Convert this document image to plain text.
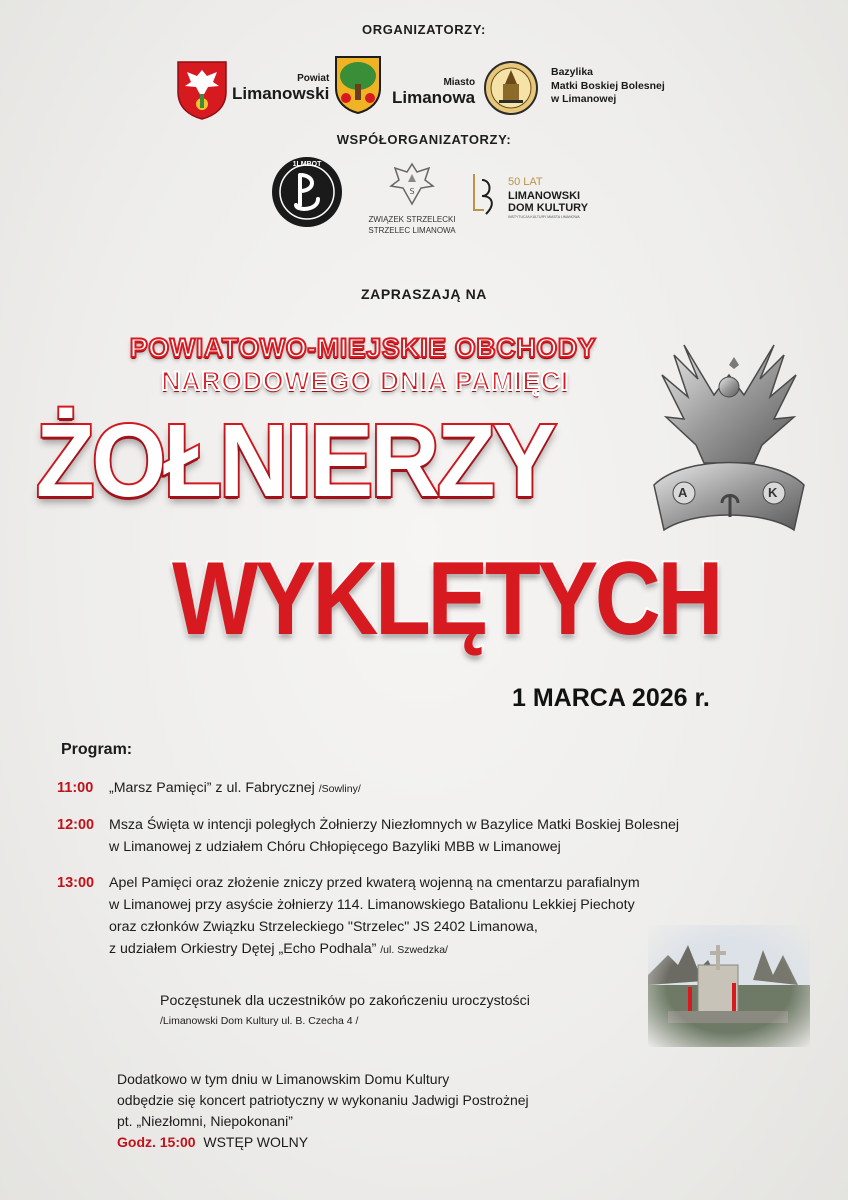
ORGANIZATORZY:
Powiat
Limanowski
Miasto
Limanowa
Bazylika
Matki Boskiej Bolesnej
w Limanowej
WSPÓŁORGANIZATORZY:
1LMBOT
S
ZWIĄZEK STRZELECKI
STRZELEC LIMANOWA
50 LAT
LIMANOWSKI
DOM KULTURY
INSTYTUCJA KULTURY MIASTA LIMANOWA
ZAPRASZAJĄ NA
POWIATOWO-MIEJSKIE OBCHODY
NARODOWEGO DNIA PAMIĘCI
A	K
ŻOŁNIERZY
WYKLĘTYCH
1 MARCA 2026 r.
Program:
11:00 „Marsz Pamięci” z ul. Fabrycznej /Sowliny/
12:00 Msza Święta w intencji poległych Żołnierzy Niezłomnych w Bazylice Matki Boskiej Bolesnej
w Limanowej z udziałem Chóru Chłopięcego Bazyliki MBB w Limanowej
13:00 Apel Pamięci oraz złożenie zniczy przed kwaterą wojenną na cmentarzu parafialnym
w Limanowej przy asyście żołnierzy 114. Limanowskiego Batalionu Lekkiej Piechoty
oraz członków Związku Strzeleckiego "Strzelec" JS 2402 Limanowa,
z udziałem Orkiestry Dętej „Echo Podhala” /ul. Szwedzka/
Poczęstunek dla uczestników po zakończeniu uroczystości
/Limanowski Dom Kultury ul. B. Czecha 4 /
Dodatkowo w tym dniu w Limanowskim Domu Kultury
odbędzie się koncert patriotyczny w wykonaniu Jadwigi Postrożnej
pt. „Niezłomni, Niepokonani”
Godz. 15:00 WSTĘP WOLNY
